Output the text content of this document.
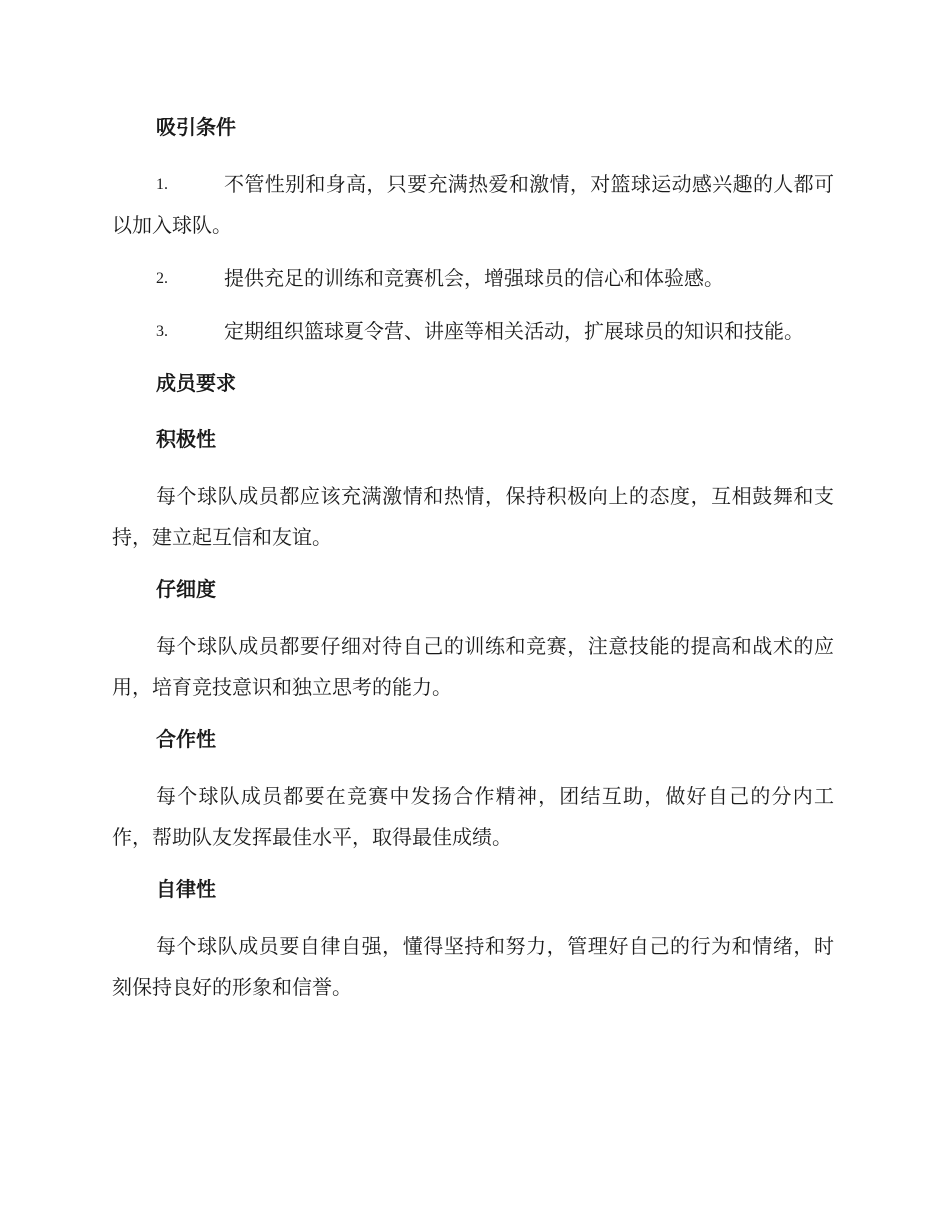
吸引条件
1.	不管性别和身高，只要充满热爱和激情，对篮球运动感兴趣的人都可以加入球队。
2.	提供充足的训练和竞赛机会，增强球员的信心和体验感。
3.	定期组织篮球夏令营、讲座等相关活动，扩展球员的知识和技能。
成员要求
积极性
每个球队成员都应该充满激情和热情，保持积极向上的态度，互相鼓舞和支持，建立起互信和友谊。
仔细度
每个球队成员都要仔细对待自己的训练和竞赛，注意技能的提高和战术的应用，培育竞技意识和独立思考的能力。
合作性
每个球队成员都要在竞赛中发扬合作精神，团结互助，做好自己的分内工作，帮助队友发挥最佳水平，取得最佳成绩。
自律性
每个球队成员要自律自强，懂得坚持和努力，管理好自己的行为和情绪，时刻保持良好的形象和信誉。
